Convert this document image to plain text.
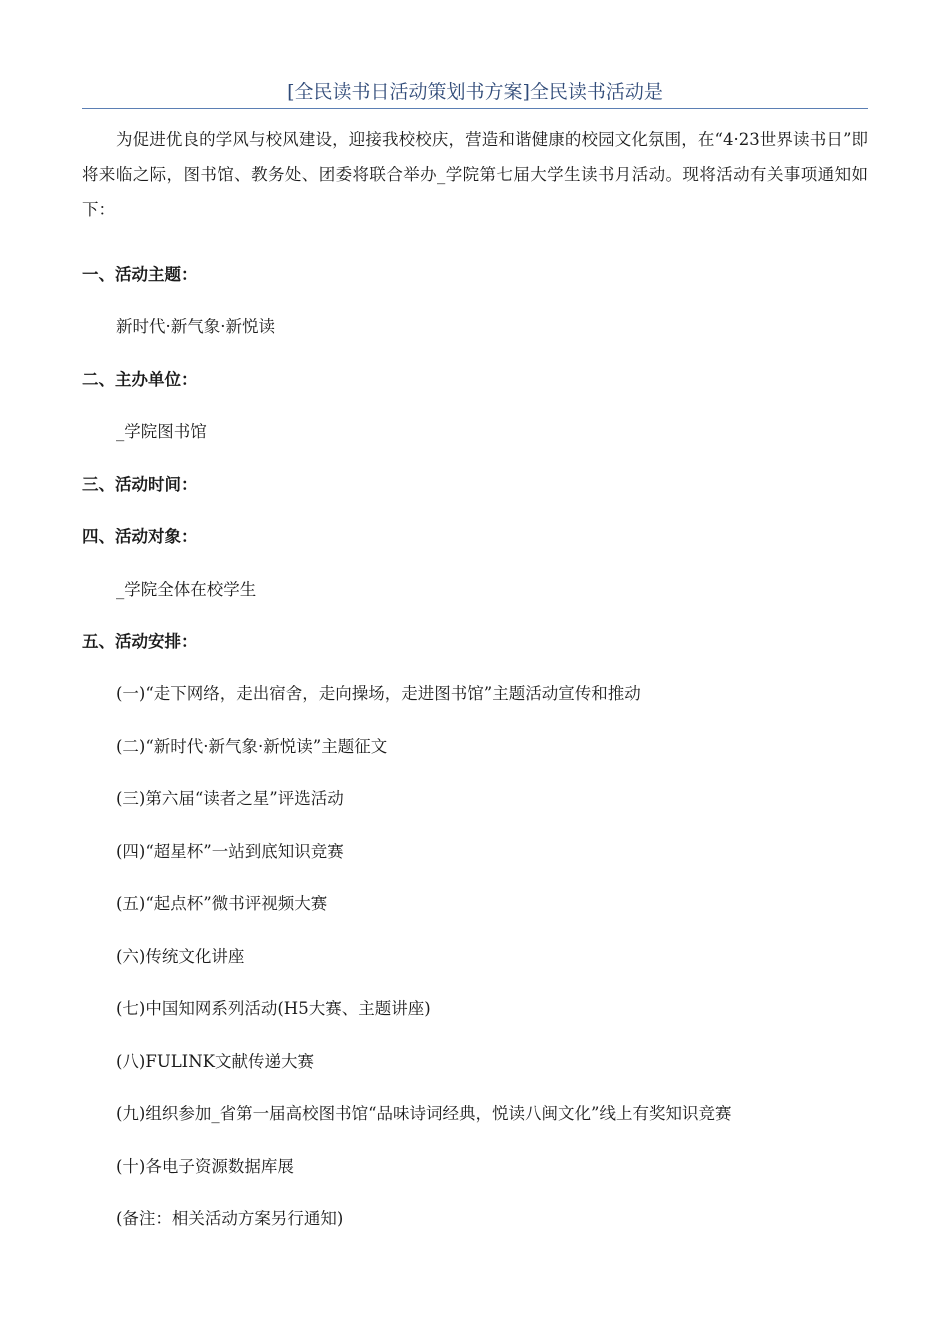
[全民读书日活动策划书方案]全民读书活动是

为促进优良的学风与校风建设，迎接我校校庆，营造和谐健康的校园文化氛围，在“4·23世界读书日”即将来临之际，图书馆、教务处、团委将联合举办_学院第七届大学生读书月活动。现将活动有关事项通知如下：

一、活动主题：

新时代·新气象·新悦读

二、主办单位：

_学院图书馆

三、活动时间：

四、活动对象：

_学院全体在校学生

五、活动安排：

(一)“走下网络，走出宿舍，走向操场，走进图书馆”主题活动宣传和推动

(二)“新时代·新气象·新悦读”主题征文

(三)第六届“读者之星”评选活动

(四)“超星杯”一站到底知识竞赛

(五)“起点杯”微书评视频大赛

(六)传统文化讲座

(七)中国知网系列活动(H5大赛、主题讲座)

(八)FULINK文献传递大赛

(九)组织参加_省第一届高校图书馆“品味诗词经典，悦读八闽文化”线上有奖知识竞赛

(十)各电子资源数据库展

(备注：相关活动方案另行通知)
